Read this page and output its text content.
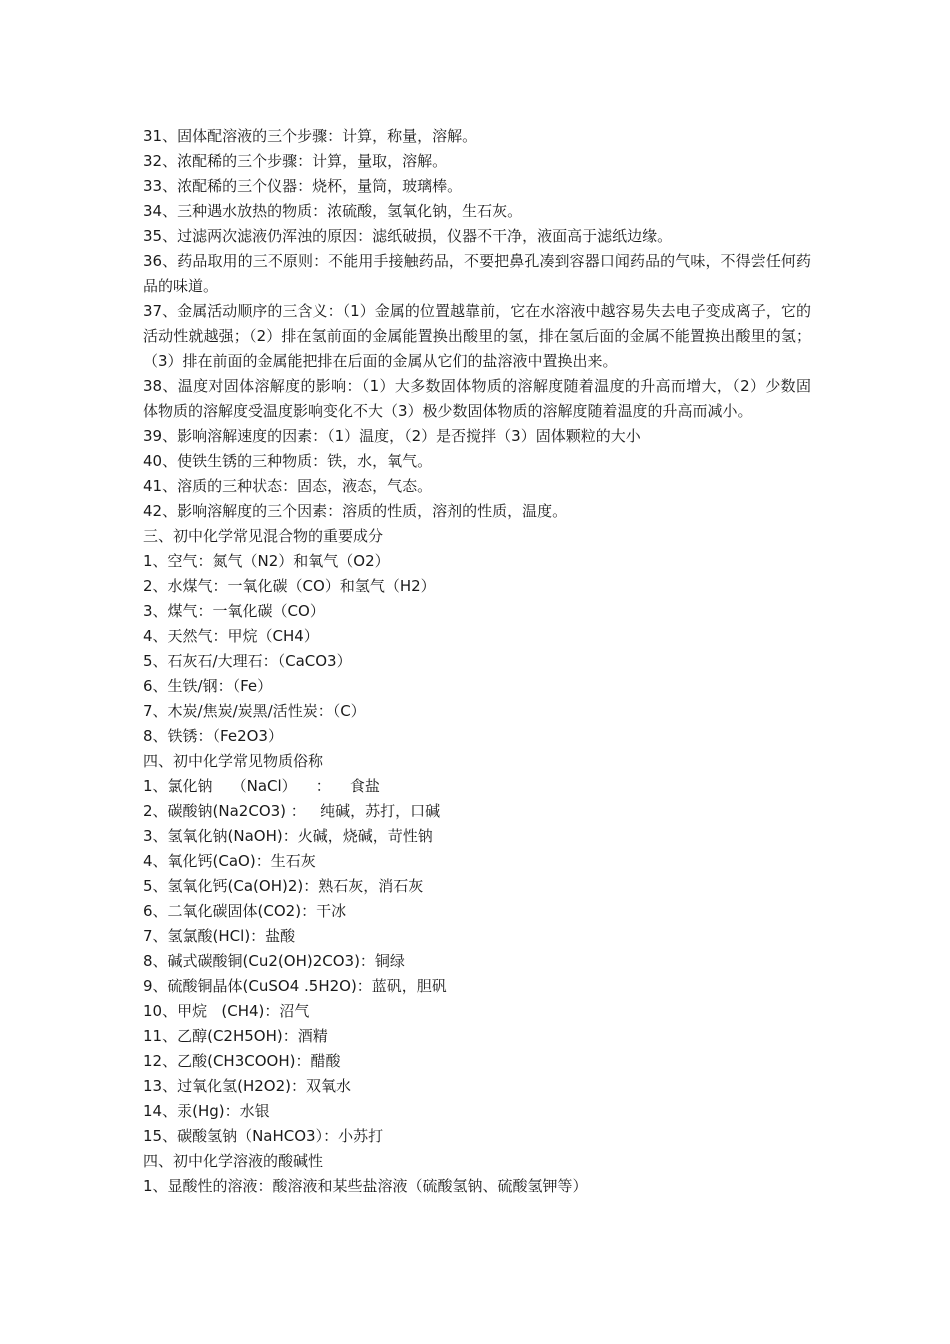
31、固体配溶液的三个步骤：计算，称量，溶解。
32、浓配稀的三个步骤：计算，量取，溶解。
33、浓配稀的三个仪器：烧杯，量筒，玻璃棒。
34、三种遇水放热的物质：浓硫酸，氢氧化钠，生石灰。
35、过滤两次滤液仍浑浊的原因：滤纸破损，仪器不干净，液面高于滤纸边缘。
36、药品取用的三不原则：不能用手接触药品，不要把鼻孔凑到容器口闻药品的气味，不得尝任何药品的味道。
37、金属活动顺序的三含义：（1）金属的位置越靠前，它在水溶液中越容易失去电子变成离子，它的活动性就越强；（2）排在氢前面的金属能置换出酸里的氢，排在氢后面的金属不能置换出酸里的氢；（3）排在前面的金属能把排在后面的金属从它们的盐溶液中置换出来。
38、温度对固体溶解度的影响：（1）大多数固体物质的溶解度随着温度的升高而增大，（2）少数固体物质的溶解度受温度影响变化不大（3）极少数固体物质的溶解度随着温度的升高而减小。
39、影响溶解速度的因素：（1）温度，（2）是否搅拌（3）固体颗粒的大小
40、使铁生锈的三种物质：铁，水，氧气。
41、溶质的三种状态：固态，液态，气态。
42、影响溶解度的三个因素：溶质的性质，溶剂的性质，温度。
三、初中化学常见混合物的重要成分
1、空气：氮气（N2）和氧气（O2）
2、水煤气：一氧化碳（CO）和氢气（H2）
3、煤气：一氧化碳（CO）
4、天然气：甲烷（CH4）
5、石灰石/大理石：（CaCO3）
6、生铁/钢：（Fe）
7、木炭/焦炭/炭黑/活性炭：（C）
8、铁锈：（Fe2O3）
四、初中化学常见物质俗称
1、氯化钠    （NaCl）    ：    食盐
2、碳酸钠(Na2CO3) ：   纯碱，苏打，口碱
3、氢氧化钠(NaOH)：火碱，烧碱，苛性钠
4、氧化钙(CaO)：生石灰
5、氢氧化钙(Ca(OH)2)：熟石灰，消石灰
6、二氧化碳固体(CO2)：干冰
7、氢氯酸(HCl)：盐酸
8、碱式碳酸铜(Cu2(OH)2CO3)：铜绿
9、硫酸铜晶体(CuSO4 .5H2O)：蓝矾，胆矾
10、甲烷   (CH4)：沼气
11、乙醇(C2H5OH)：酒精
12、乙酸(CH3COOH)：醋酸
13、过氧化氢(H2O2)：双氧水
14、汞(Hg)：水银
15、碳酸氢钠（NaHCO3）：小苏打
四、初中化学溶液的酸碱性
1、显酸性的溶液：酸溶液和某些盐溶液（硫酸氢钠、硫酸氢钾等）
